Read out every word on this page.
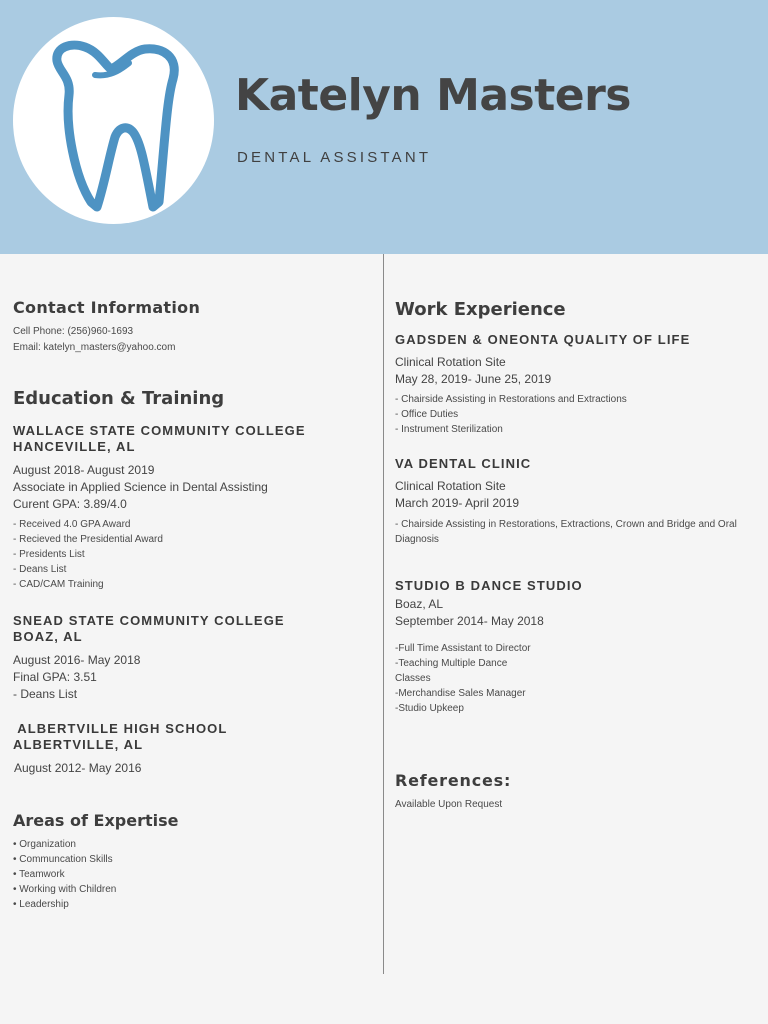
Katelyn Masters
DENTAL ASSISTANT
Contact Information
Cell Phone: (256)960-1693
Email: katelyn_masters@yahoo.com
Education & Training
WALLACE STATE COMMUNITY COLLEGE
HANCEVILLE, AL
August 2018- August 2019
Associate in Applied Science in Dental Assisting
Curent GPA: 3.89/4.0
- Received 4.0 GPA Award
- Recieved the Presidential Award
- Presidents List
- Deans List
- CAD/CAM Training
SNEAD STATE COMMUNITY COLLEGE
BOAZ, AL
August 2016- May 2018
Final GPA: 3.51
- Deans List
ALBERTVILLE HIGH SCHOOL
ALBERTVILLE, AL
August 2012- May 2016
Areas of Expertise
• Organization
• Communcation Skills
• Teamwork
• Working with Children
• Leadership
Work Experience
GADSDEN & ONEONTA QUALITY OF LIFE
Clinical Rotation Site
May 28, 2019- June 25, 2019
- Chairside Assisting in Restorations and Extractions
- Office Duties
- Instrument Sterilization
VA DENTAL CLINIC
Clinical Rotation Site
March 2019- April 2019
- Chairside Assisting in Restorations, Extractions, Crown and Bridge and Oral
Diagnosis
STUDIO B DANCE STUDIO
Boaz, AL
September 2014- May 2018
-Full Time Assistant to Director
-Teaching Multiple Dance
Classes
-Merchandise Sales Manager
-Studio Upkeep
References:
Available Upon Request
